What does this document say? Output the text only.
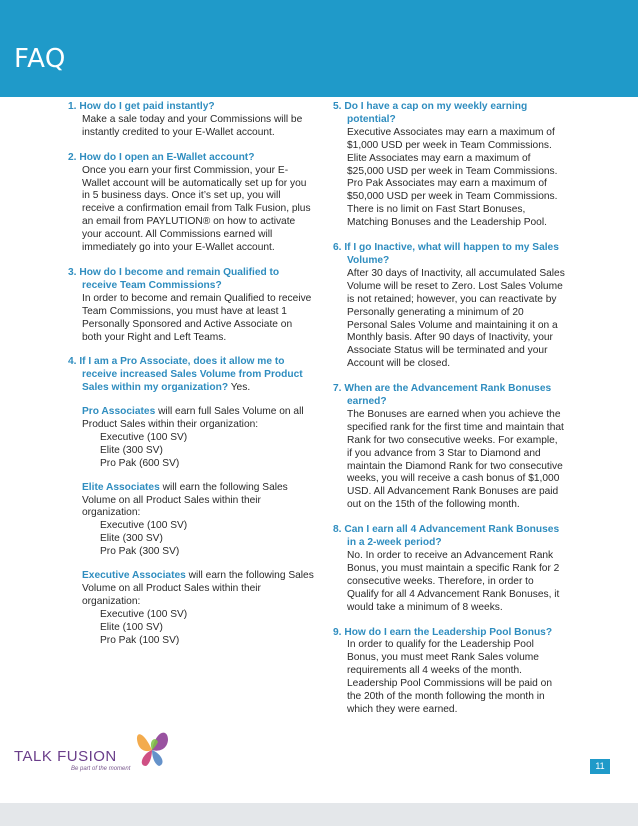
FAQ
1. How do I get paid instantly?
Make a sale today and your Commissions will be instantly credited to your E-Wallet account.
2. How do I open an E-Wallet account?
Once you earn your first Commission, your E-Wallet account will be automatically set up for you in 5 business days. Once it’s set up, you will receive a confirmation email from Talk Fusion, plus an email from PAYLUTION® on how to activate your account. All Commissions earned will immediately go into your E-Wallet account.
3. How do I become and remain Qualified to receive Team Commissions?
In order to become and remain Qualified to receive Team Commissions, you must have at least 1 Personally Sponsored and Active Associate on both your Right and Left Teams.
4. If I am a Pro Associate, does it allow me to receive increased Sales Volume from Product Sales within my organization? Yes.
Pro Associates will earn full Sales Volume on all Product Sales within their organization:
Executive (100 SV)
Elite (300 SV)
Pro Pak (600 SV)
Elite Associates will earn the following Sales Volume on all Product Sales within their organization:
Executive (100 SV)
Elite (300 SV)
Pro Pak (300 SV)
Executive Associates will earn the following Sales Volume on all Product Sales within their organization:
Executive (100 SV)
Elite (100 SV)
Pro Pak (100 SV)
5. Do I have a cap on my weekly earning potential?
Executive Associates may earn a maximum of $1,000 USD per week in Team Commissions. Elite Associates may earn a maximum of $25,000 USD per week in Team Commissions. Pro Pak Associates may earn a maximum of $50,000 USD per week in Team Commissions. There is no limit on Fast Start Bonuses, Matching Bonuses and the Leadership Pool.
6. If I go Inactive, what will happen to my Sales Volume?
After 30 days of Inactivity, all accumulated Sales Volume will be reset to Zero. Lost Sales Volume is not retained; however, you can reactivate by Personally generating a minimum of 20 Personal Sales Volume and maintaining it on a Monthly basis. After 90 days of Inactivity, your Associate Status will be terminated and your Account will be closed.
7. When are the Advancement Rank Bonuses earned?
The Bonuses are earned when you achieve the specified rank for the first time and maintain that Rank for two consecutive weeks. For example, if you advance from 3 Star to Diamond and maintain the Diamond Rank for two consecutive weeks, you will receive a cash bonus of $1,000 USD. All Advancement Rank Bonuses are paid out on the 15th of the following month.
8. Can I earn all 4 Advancement Rank Bonuses in a 2-week period?
No. In order to receive an Advancement Rank Bonus, you must maintain a specific Rank for 2 consecutive weeks. Therefore, in order to Qualify for all 4 Advancement Rank Bonuses, it would take a minimum of 8 weeks.
9. How do I earn the Leadership Pool Bonus?
In order to qualify for the Leadership Pool Bonus, you must meet Rank Sales volume requirements all 4 weeks of the month. Leadership Pool Commissions will be paid on the 20th of the month following the month in which they were earned.
TALK FUSION
Be part of the moment	11
